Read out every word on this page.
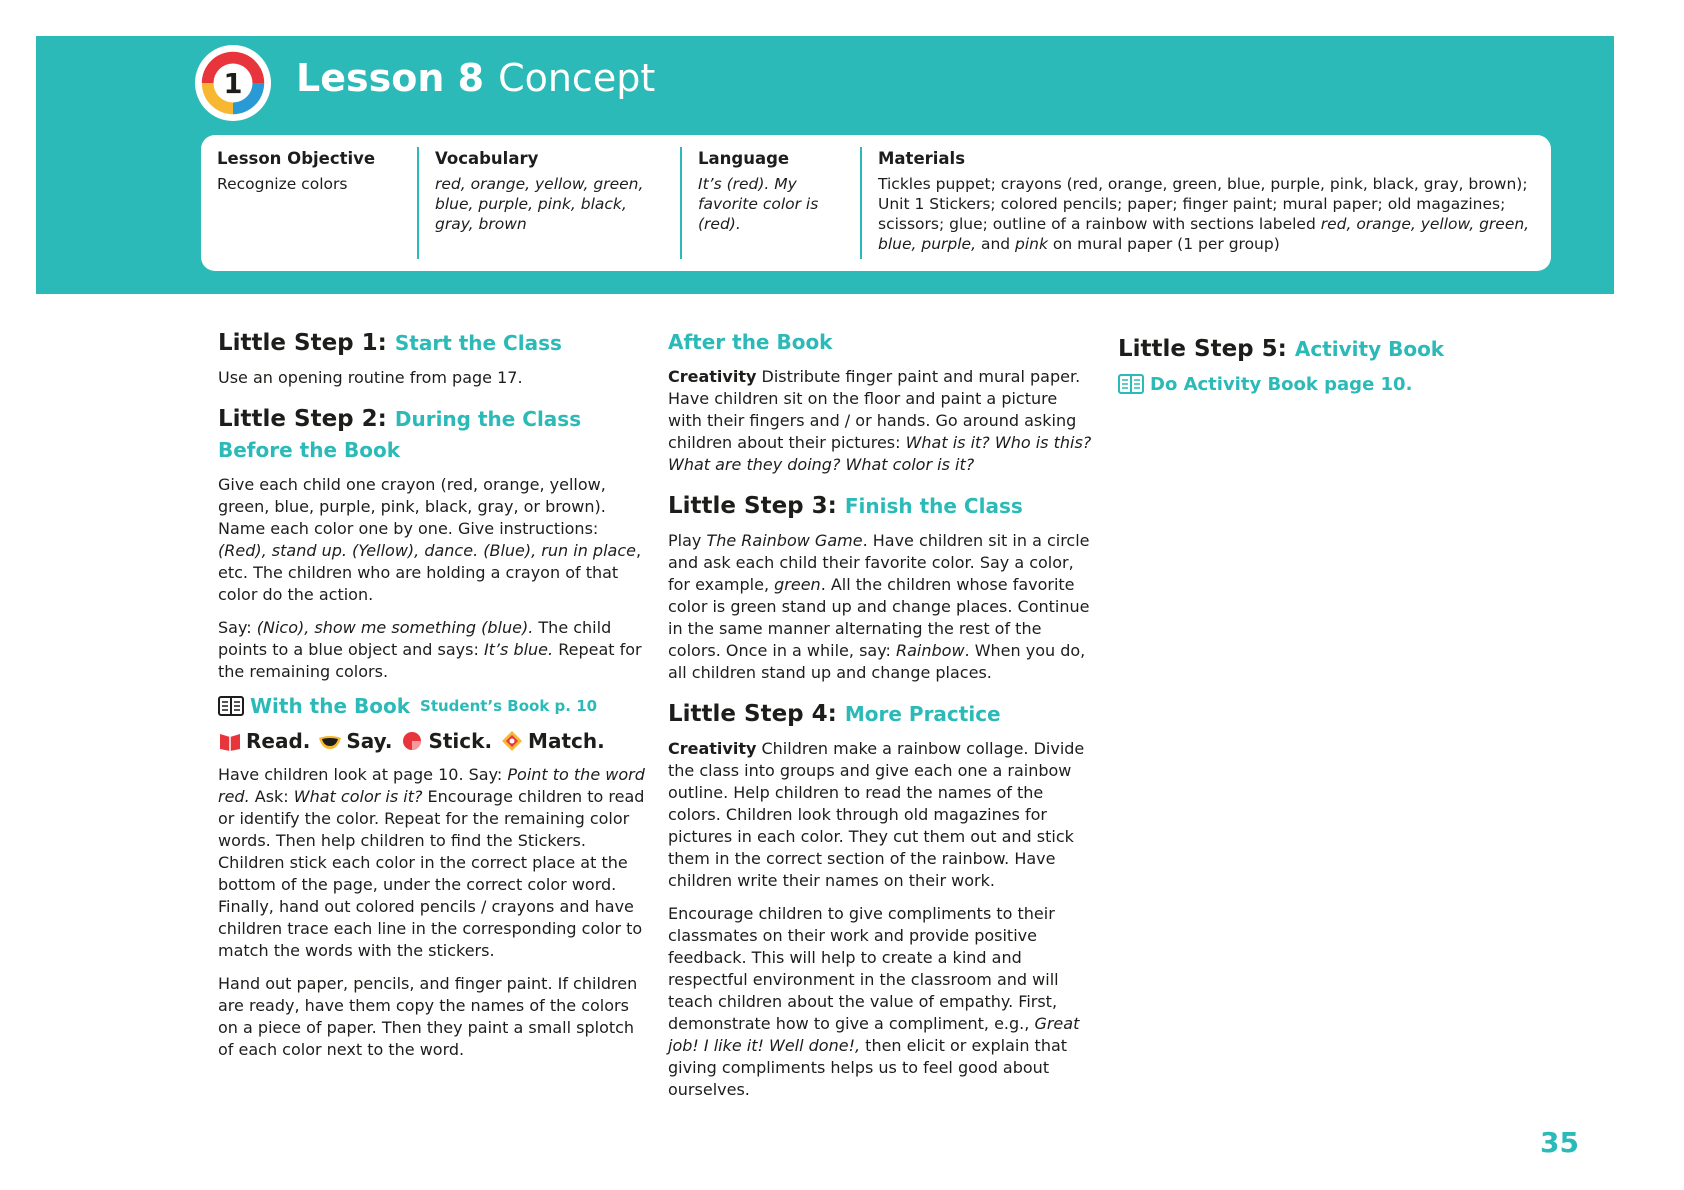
1 Lesson 8 Concept
Lesson Objective
Recognize colors
Vocabulary
red, orange, yellow, green, blue, purple, pink, black, gray, brown
Language
It’s (red). My favorite color is (red).
Materials
Tickles puppet; crayons (red, orange, green, blue, purple, pink, black, gray, brown); Unit 1 Stickers; colored pencils; paper; finger paint; mural paper; old magazines; scissors; glue; outline of a rainbow with sections labeled red, orange, yellow, green, blue, purple, and pink on mural paper (1 per group)
Little Step 1: Start the Class

Use an opening routine from page 17.

Little Step 2: During the Class
Before the Book

Give each child one crayon (red, orange, yellow, green, blue, purple, pink, black, gray, or brown). Name each color one by one. Give instructions: (Red), stand up. (Yellow), dance. (Blue), run in place, etc. The children who are holding a crayon of that color do the action.

Say: (Nico), show me something (blue). The child points to a blue object and says: It’s blue. Repeat for the remaining colors.

With the Book Student’s Book p. 10
Read. Say. Stick. Match.

Have children look at page 10. Say: Point to the word red. Ask: What color is it? Encourage children to read or identify the color. Repeat for the remaining color words. Then help children to find the Stickers. Children stick each color in the correct place at the bottom of the page, under the correct color word. Finally, hand out colored pencils / crayons and have children trace each line in the corresponding color to match the words with the stickers.

Hand out paper, pencils, and finger paint. If children are ready, have them copy the names of the colors on a piece of paper. Then they paint a small splotch of each color next to the word.

After the Book

Creativity Distribute finger paint and mural paper. Have children sit on the floor and paint a picture with their fingers and / or hands. Go around asking children about their pictures: What is it? Who is this? What are they doing? What color is it?

Little Step 3: Finish the Class

Play The Rainbow Game. Have children sit in a circle and ask each child their favorite color. Say a color, for example, green. All the children whose favorite color is green stand up and change places. Continue in the same manner alternating the rest of the colors. Once in a while, say: Rainbow. When you do, all children stand up and change places.

Little Step 4: More Practice

Creativity Children make a rainbow collage. Divide the class into groups and give each one a rainbow outline. Help children to read the names of the colors. Children look through old magazines for pictures in each color. They cut them out and stick them in the correct section of the rainbow. Have children write their names on their work.

Encourage children to give compliments to their classmates on their work and provide positive feedback. This will help to create a kind and respectful environment in the classroom and will teach children about the value of empathy. First, demonstrate how to give a compliment, e.g., Great job! I like it! Well done!, then elicit or explain that giving compliments helps us to feel good about ourselves.

Little Step 5: Activity Book
Do Activity Book page 10.
35
